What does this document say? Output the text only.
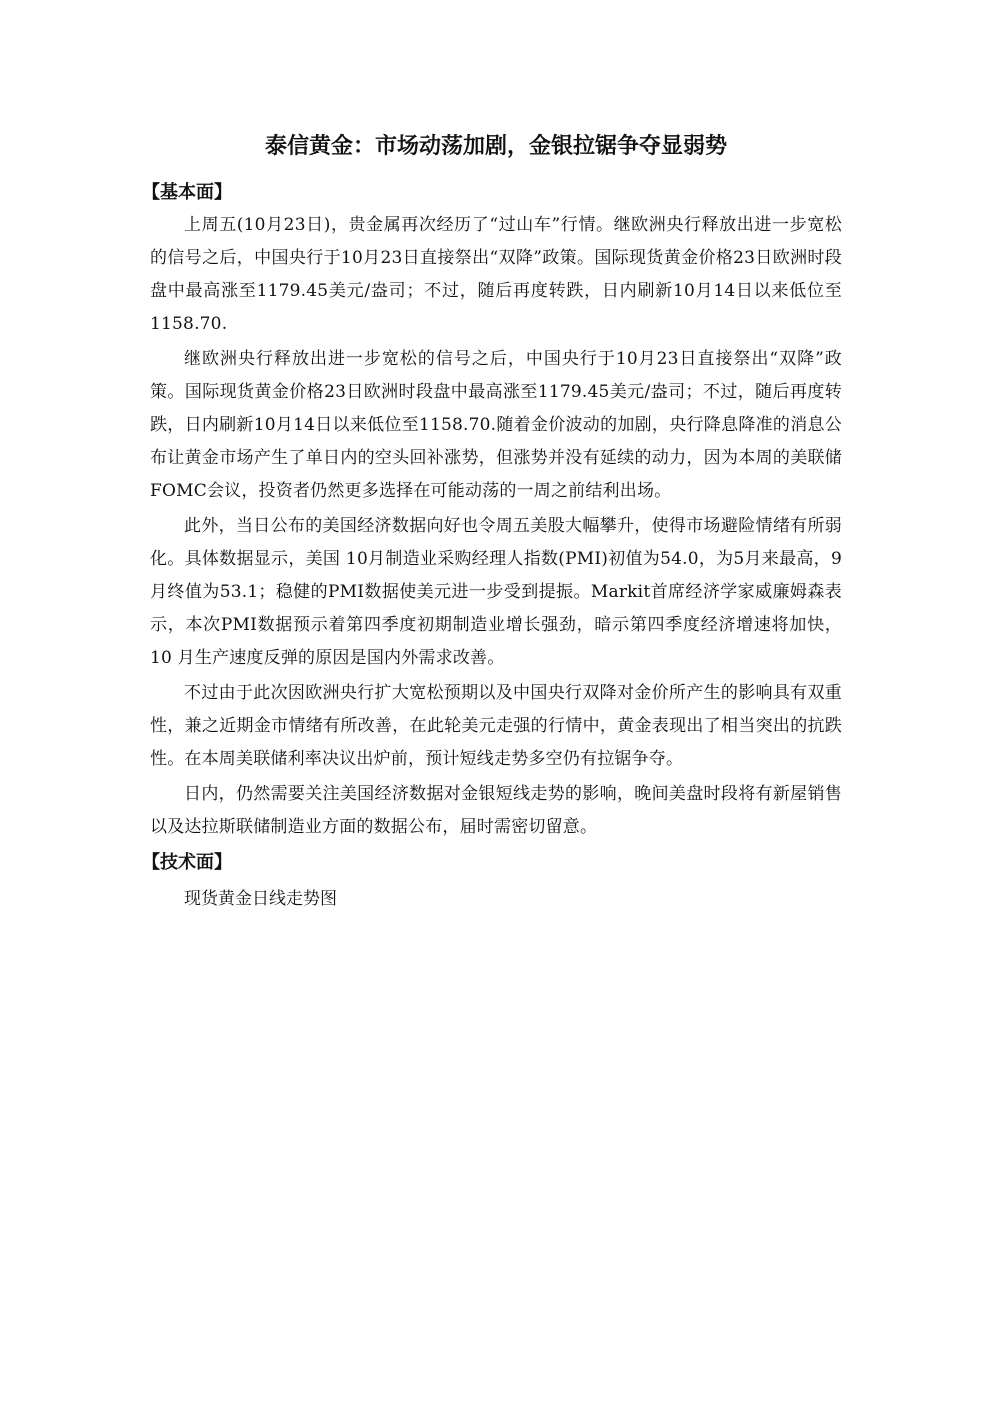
泰信黄金：市场动荡加剧，金银拉锯争夺显弱势
【基本面】

上周五(10月23日)，贵金属再次经历了“过山车”行情。继欧洲央行释放出进一步宽松的信号之后，中国央行于10月23日直接祭出“双降”政策。国际现货黄金价格23日欧洲时段盘中最高涨至1179.45美元/盎司；不过，随后再度转跌，日内刷新10月14日以来低位至1158.70.

继欧洲央行释放出进一步宽松的信号之后，中国央行于10月23日直接祭出“双降”政策。国际现货黄金价格23日欧洲时段盘中最高涨至1179.45美元/盎司；不过，随后再度转跌，日内刷新10月14日以来低位至1158.70.随着金价波动的加剧，央行降息降准的消息公布让黄金市场产生了单日内的空头回补涨势，但涨势并没有延续的动力，因为本周的美联储FOMC会议，投资者仍然更多选择在可能动荡的一周之前结利出场。

此外，当日公布的美国经济数据向好也令周五美股大幅攀升，使得市场避险情绪有所弱化。具体数据显示，美国 10月制造业采购经理人指数(PMI)初值为54.0，为5月来最高，9月终值为53.1；稳健的PMI数据使美元进一步受到提振。Markit首席经济学家威廉姆森表示，本次PMI数据预示着第四季度初期制造业增长强劲，暗示第四季度经济增速将加快，10 月生产速度反弹的原因是国内外需求改善。

不过由于此次因欧洲央行扩大宽松预期以及中国央行双降对金价所产生的影响具有双重性，兼之近期金市情绪有所改善，在此轮美元走强的行情中，黄金表现出了相当突出的抗跌性。在本周美联储利率决议出炉前，预计短线走势多空仍有拉锯争夺。

日内，仍然需要关注美国经济数据对金银短线走势的影响，晚间美盘时段将有新屋销售以及达拉斯联储制造业方面的数据公布，届时需密切留意。

【技术面】

现货黄金日线走势图
